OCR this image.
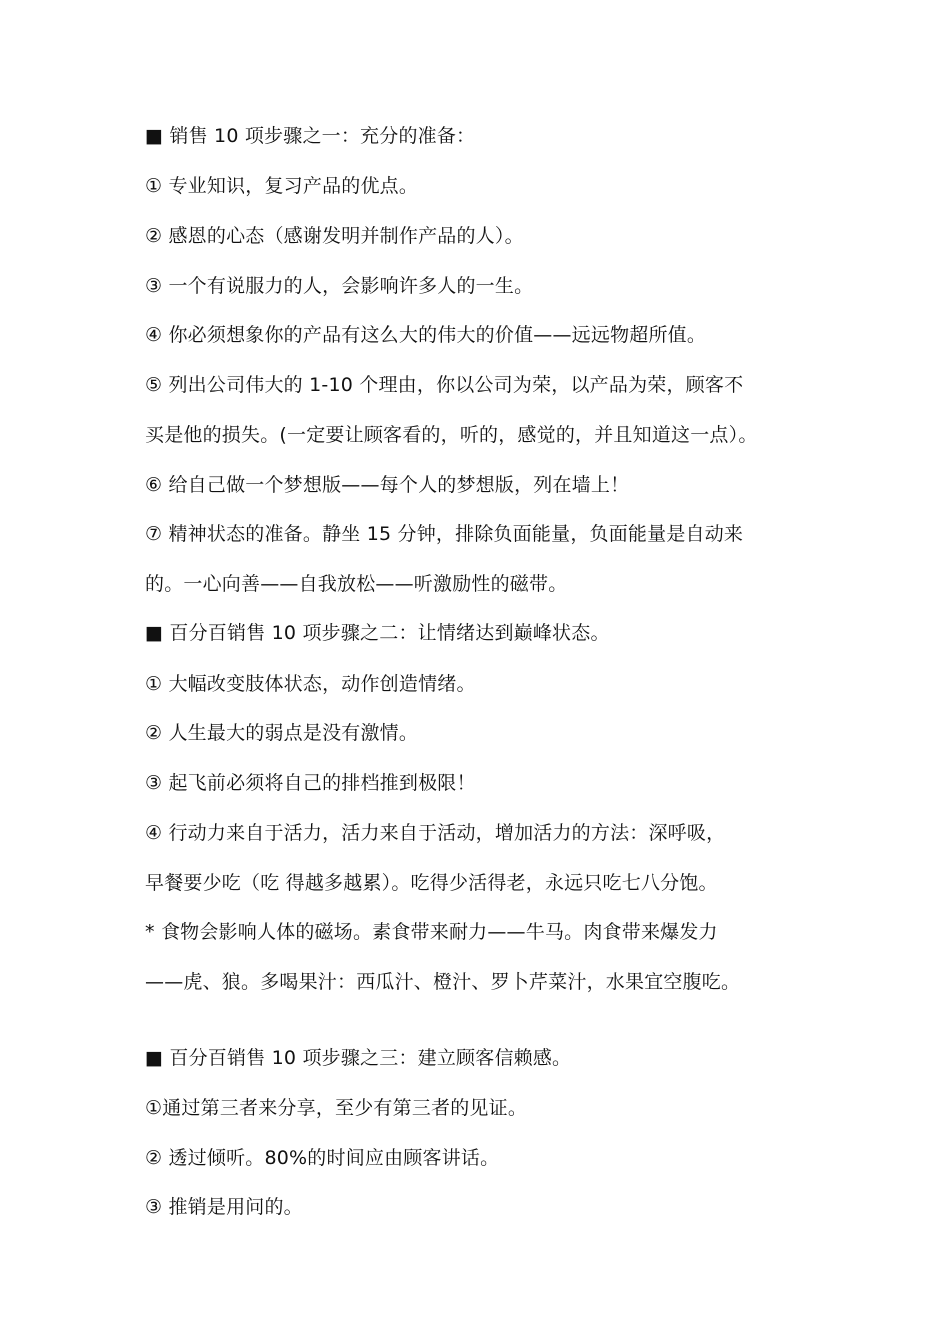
■ 销售 10 项步骤之一：充分的准备：
① 专业知识，复习产品的优点。
② 感恩的心态（感谢发明并制作产品的人）。
③ 一个有说服力的人，会影响许多人的一生。
④ 你必须想象你的产品有这么大的伟大的价值——远远物超所值。
⑤ 列出公司伟大的 1-10 个理由，你以公司为荣，以产品为荣，顾客不
买是他的损失。(一定要让顾客看的，听的，感觉的，并且知道这一点）。
⑥ 给自己做一个梦想版——每个人的梦想版，列在墙上！
⑦ 精神状态的准备。静坐 15 分钟，排除负面能量，负面能量是自动来
的。一心向善——自我放松——听激励性的磁带。
■ 百分百销售 10 项步骤之二：让情绪达到巅峰状态。
① 大幅改变肢体状态，动作创造情绪。
② 人生最大的弱点是没有激情。
③ 起飞前必须将自己的排档推到极限！
④ 行动力来自于活力，活力来自于活动，增加活力的方法：深呼吸，
早餐要少吃（吃 得越多越累）。吃得少活得老，永远只吃七八分饱。
* 食物会影响人体的磁场。素食带来耐力——牛马。肉食带来爆发力
——虎、狼。多喝果汁：西瓜汁、橙汁、罗卜芹菜汁，水果宜空腹吃。
■ 百分百销售 10 项步骤之三：建立顾客信赖感。
①通过第三者来分享，至少有第三者的见证。
② 透过倾听。80%的时间应由顾客讲话。
③ 推销是用问的。
